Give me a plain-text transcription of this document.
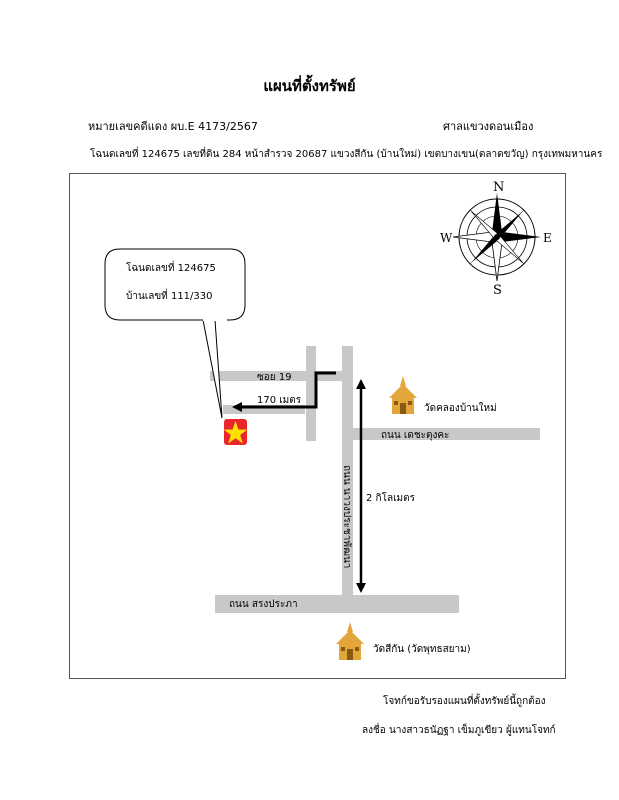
แผนที่ตั้งทรัพย์
หมายเลขคดีแดง ผบ.E 4173/2567	ศาลแขวงดอนเมือง
โฉนดเลขที่ 124675 เลขที่ดิน 284 หน้าสำรวจ 20687 แขวงสีกัน (บ้านใหม่) เขตบางเขน(ตลาดขวัญ) กรุงเทพมหานคร
โฉนดเลขที่ 124675
บ้านเลขที่ 111/330
ซอย 19
170 เมตร
ถนน เดชะตุงคะ
2 กิโลเมตร
ถนน นาวงประชาพัฒนา
ถนน สรงประภา
วัดคลองบ้านใหม่
วัดสีกัน (วัดพุทธสยาม)
N
S
E
W
โจทก์ขอรับรองแผนที่ตั้งทรัพย์นี้ถูกต้อง
ลงชื่อ นางสาวธนัฏฐา เข็มภูเขียว ผู้แทนโจทก์
